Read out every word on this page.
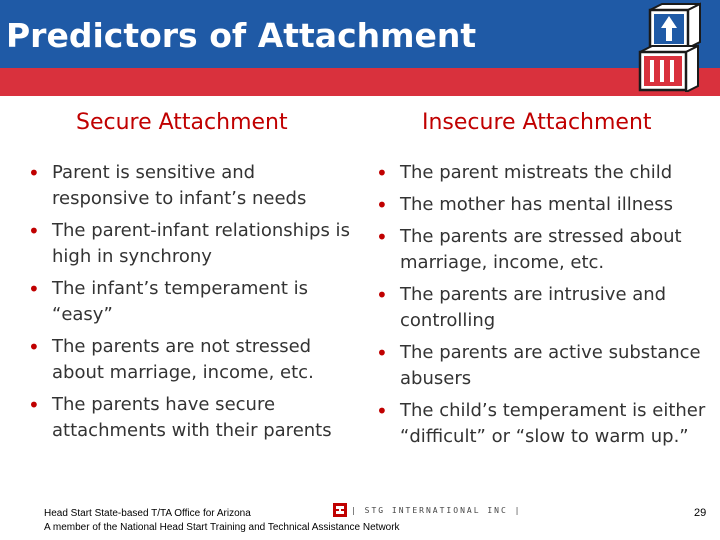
Predictors of Attachment
Secure Attachment	Insecure Attachment
• Parent is sensitive and responsive to infant’s needs
• The parent-infant relationships is high in synchrony
• The infant’s temperament is “easy”
• The parents are not stressed about marriage, income, etc.
• The parents have secure attachments with their parents
• The parent mistreats the child
• The mother has mental illness
• The parents are stressed about marriage, income, etc.
• The parents are intrusive and controlling
• The parents are active substance abusers
• The child’s temperament is either “difficult” or “slow to warm up.”
Head Start State-based T/TA Office for Arizona
A member of the National Head Start Training and Technical Assistance Network
| STG INTERNATIONAL INC |	29
